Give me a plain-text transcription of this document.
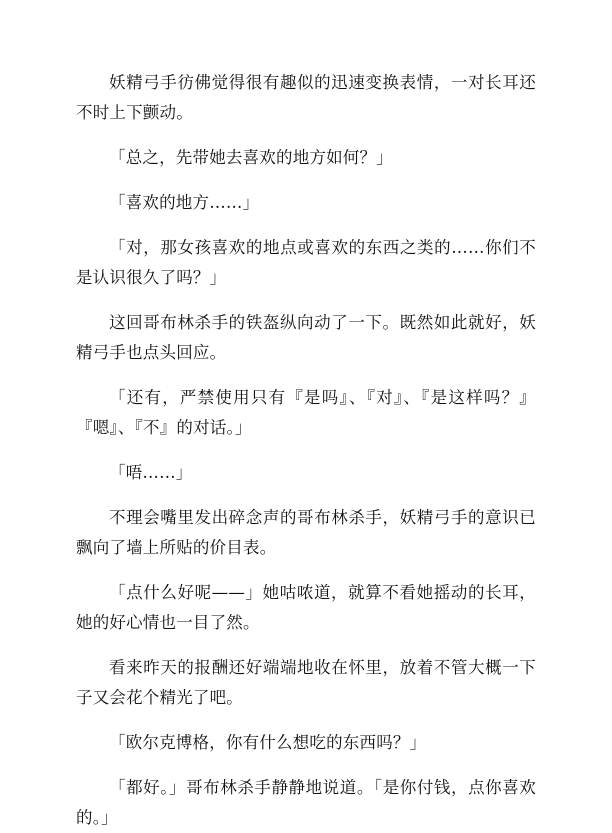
妖精弓手彷佛觉得很有趣似的迅速变换表情，一对长耳还不时上下颤动。

「总之，先带她去喜欢的地方如何？」

「喜欢的地方……」

「对，那女孩喜欢的地点或喜欢的东西之类的……你们不是认识很久了吗？」

这回哥布林杀手的铁盔纵向动了一下。既然如此就好，妖精弓手也点头回应。

「还有，严禁使用只有『是吗』、『对』、『是这样吗？』『嗯』、『不』的对话。」

「唔……」

不理会嘴里发出碎念声的哥布林杀手，妖精弓手的意识已飘向了墙上所贴的价目表。

「点什么好呢——」她咕哝道，就算不看她摇动的长耳，她的好心情也一目了然。

看来昨天的报酬还好端端地收在怀里，放着不管大概一下子又会花个精光了吧。

「欧尔克博格，你有什么想吃的东西吗？」

「都好。」哥布林杀手静静地说道。「是你付钱，点你喜欢的。」
